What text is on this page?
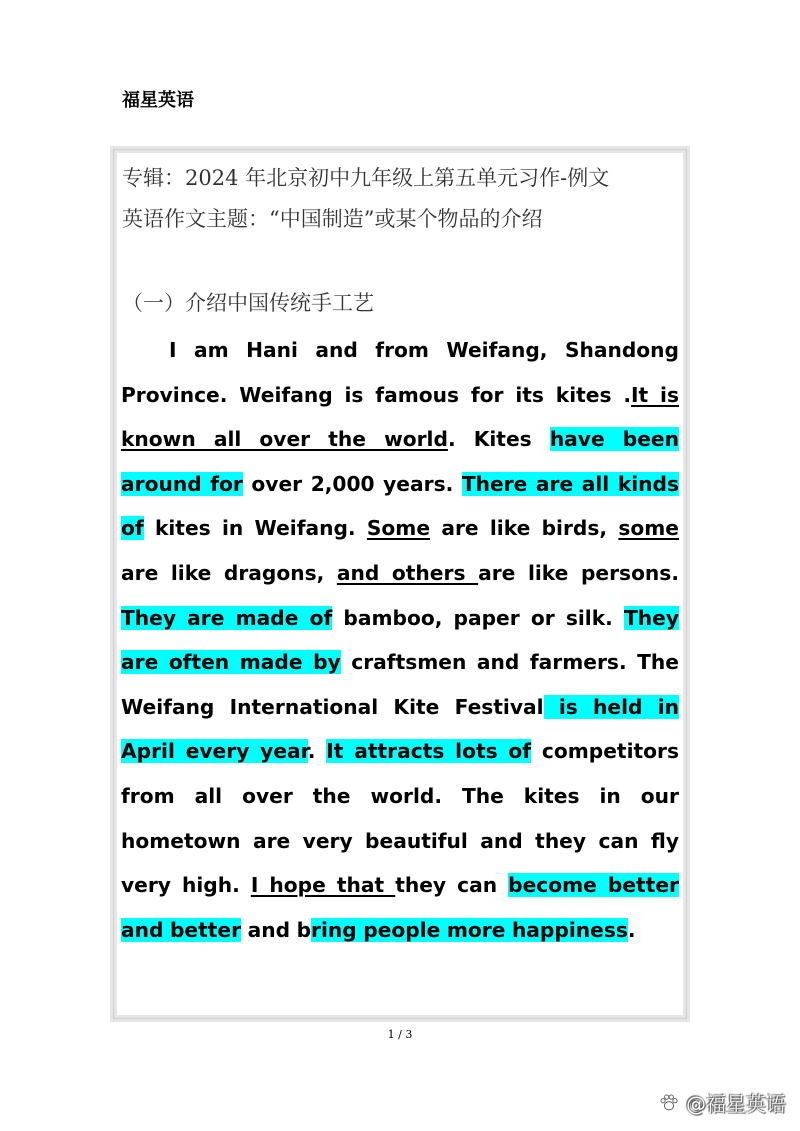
福星英语
专辑：2024 年北京初中九年级上第五单元习作-例文
英语作文主题：“中国制造”或某个物品的介绍
（一）介绍中国传统手工艺
I am Hani and from Weifang, Shandong Province. Weifang is famous for its kites .It is known all over the world. Kites have been around for over 2,000 years. There are all kinds of kites in Weifang. Some are like birds, some are like dragons, and others are like persons. They are made of bamboo, paper or silk. They are often made by craftsmen and farmers. The Weifang International Kite Festival is held in April every year. It attracts lots of competitors from all over the world. The kites in our hometown are very beautiful and they can fly very high. I hope that they can become better and better and bring people more happiness.
1 / 3
@福星英语
